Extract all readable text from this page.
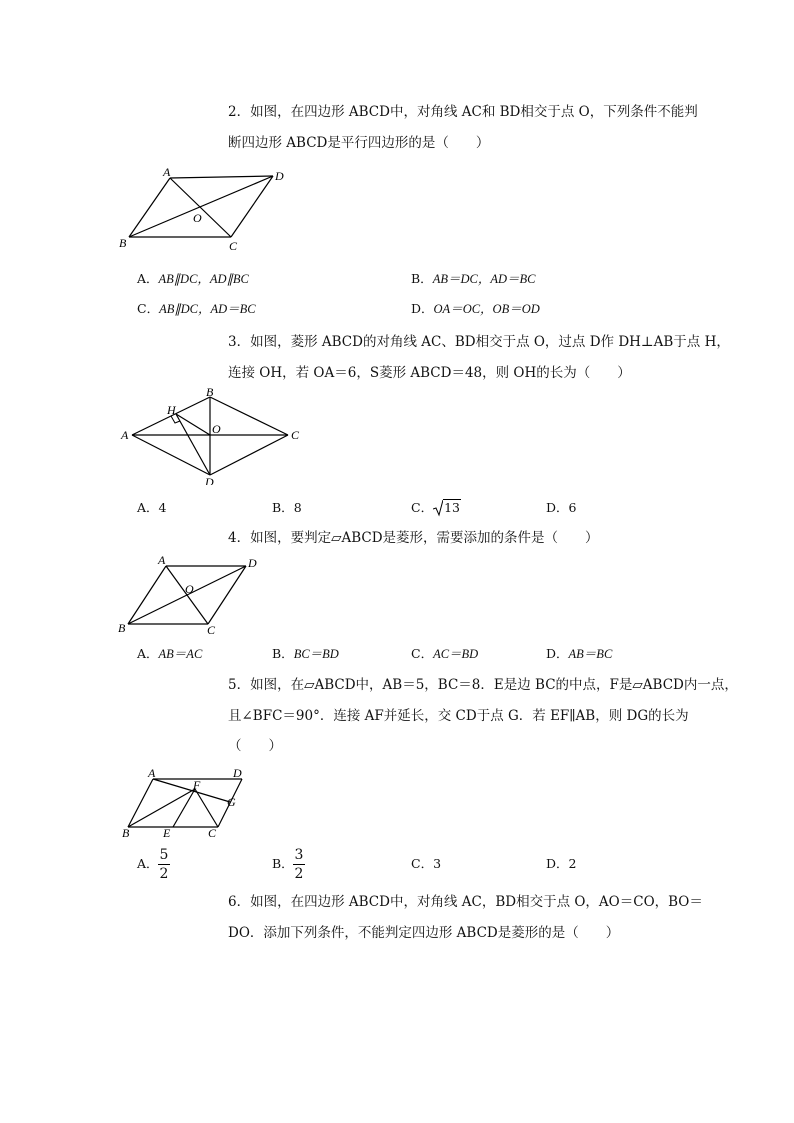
2．如图，在四边形 ABCD中，对角线 AC和 BD相交于点 O，下列条件不能判
断四边形 ABCD是平行四边形的是（　　）
A	D
O
B	C
A．AB∥DC，AD∥BC	B．AB＝DC，AD＝BC
C．AB∥DC，AD＝BC	D．OA＝OC，OB＝OD
3．如图，菱形 ABCD的对角线 AC、BD相交于点 O，过点 D作 DH⊥AB于点 H，
连接 OH，若 OA＝6，S菱形 ABCD＝48，则 OH的长为（　　）
B
H
A	O	C
D
A．4	B．8	C． 13	D．6
4．如图，要判定▱ABCD是菱形，需要添加的条件是（　　）
A	D
O
B	C
A．AB＝AC	B．BC＝BD	C．AC＝BD	D．AB＝BC
5．如图，在▱ABCD中，AB＝5，BC＝8．E是边 BC的中点，F是▱ABCD内一点，
且∠BFC＝90°．连接 AF并延长，交 CD于点 G．若 EF∥AB，则 DG的长为
（　　）
A
F
D
G
B	E	C
A．
5
2
B．
3
2
C．3	D．2
6．如图，在四边形 ABCD中，对角线 AC，BD相交于点 O，AO＝CO，BO＝
DO．添加下列条件，不能判定四边形 ABCD是菱形的是（　　）
